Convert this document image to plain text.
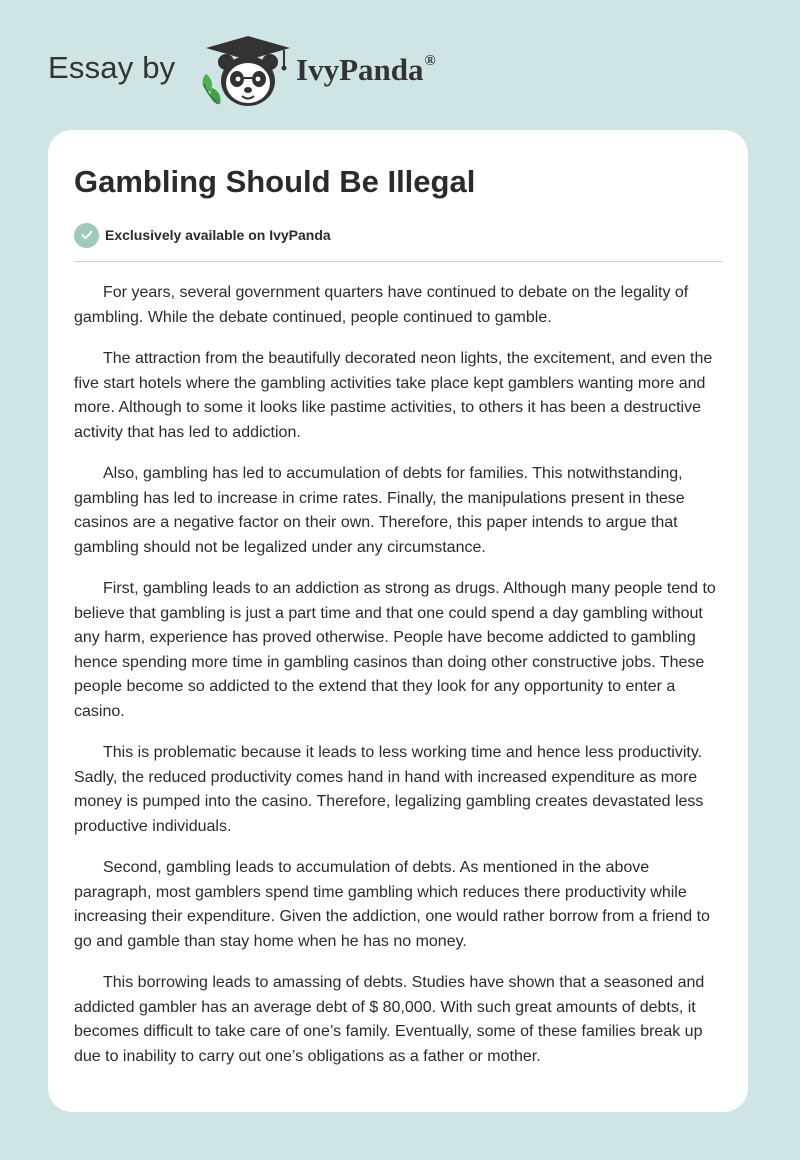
Essay by	IvyPanda®
Gambling Should Be Illegal
Exclusively available on IvyPanda

For years, several government quarters have continued to debate on the legality of gambling. While the debate continued, people continued to gamble.

The attraction from the beautifully decorated neon lights, the excitement, and even the five start hotels where the gambling activities take place kept gamblers wanting more and more. Although to some it looks like pastime activities, to others it has been a destructive activity that has led to addiction.

Also, gambling has led to accumulation of debts for families. This notwithstanding, gambling has led to increase in crime rates. Finally, the manipulations present in these casinos are a negative factor on their own. Therefore, this paper intends to argue that gambling should not be legalized under any circumstance.

First, gambling leads to an addiction as strong as drugs. Although many people tend to believe that gambling is just a part time and that one could spend a day gambling without any harm, experience has proved otherwise. People have become addicted to gambling hence spending more time in gambling casinos than doing other constructive jobs. These people become so addicted to the extend that they look for any opportunity to enter a casino.

This is problematic because it leads to less working time and hence less productivity. Sadly, the reduced productivity comes hand in hand with increased expenditure as more money is pumped into the casino. Therefore, legalizing gambling creates devastated less productive individuals.

Second, gambling leads to accumulation of debts. As mentioned in the above paragraph, most gamblers spend time gambling which reduces there productivity while increasing their expenditure. Given the addiction, one would rather borrow from a friend to go and gamble than stay home when he has no money.

This borrowing leads to amassing of debts. Studies have shown that a seasoned and addicted gambler has an average debt of $ 80,000. With such great amounts of debts, it becomes difficult to take care of one’s family. Eventually, some of these families break up due to inability to carry out one’s obligations as a father or mother.
